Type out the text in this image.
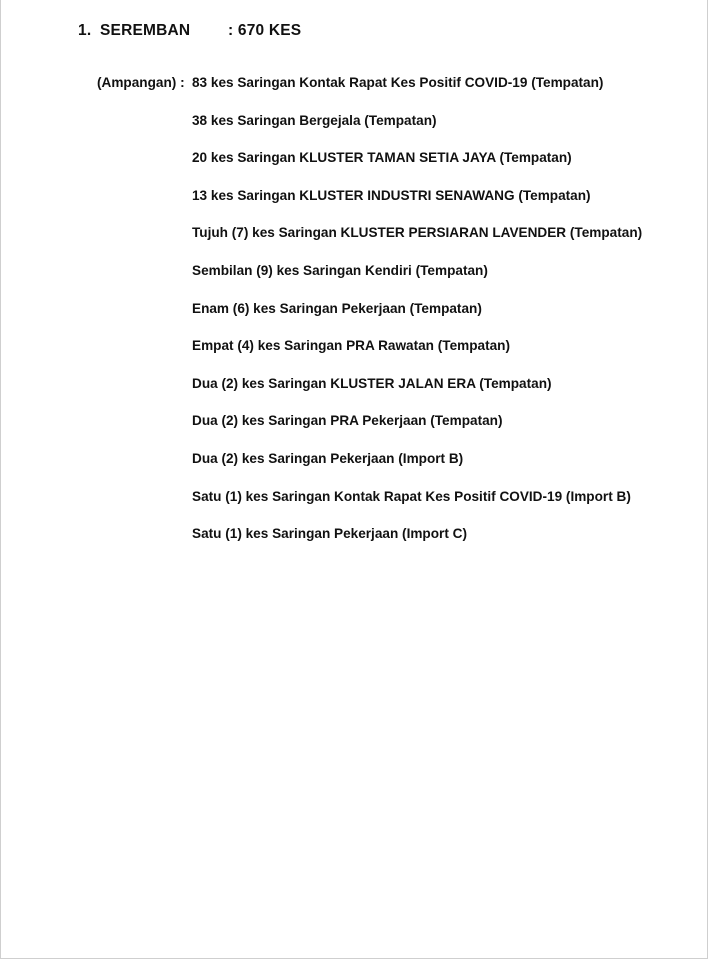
1. SEREMBAN : 670 KES
(Ampangan) : 83 kes Saringan Kontak Rapat Kes Positif COVID-19 (Tempatan)
38 kes Saringan Bergejala (Tempatan)
20 kes Saringan KLUSTER TAMAN SETIA JAYA (Tempatan)
13 kes Saringan KLUSTER INDUSTRI SENAWANG (Tempatan)
Tujuh (7) kes Saringan KLUSTER PERSIARAN LAVENDER (Tempatan)
Sembilan (9) kes Saringan Kendiri (Tempatan)
Enam (6) kes Saringan Pekerjaan (Tempatan)
Empat (4) kes Saringan PRA Rawatan (Tempatan)
Dua (2) kes Saringan KLUSTER JALAN ERA (Tempatan)
Dua (2) kes Saringan PRA Pekerjaan (Tempatan)
Dua (2) kes Saringan Pekerjaan (Import B)
Satu (1) kes Saringan Kontak Rapat Kes Positif COVID-19 (Import B)
Satu (1) kes Saringan Pekerjaan (Import C)
